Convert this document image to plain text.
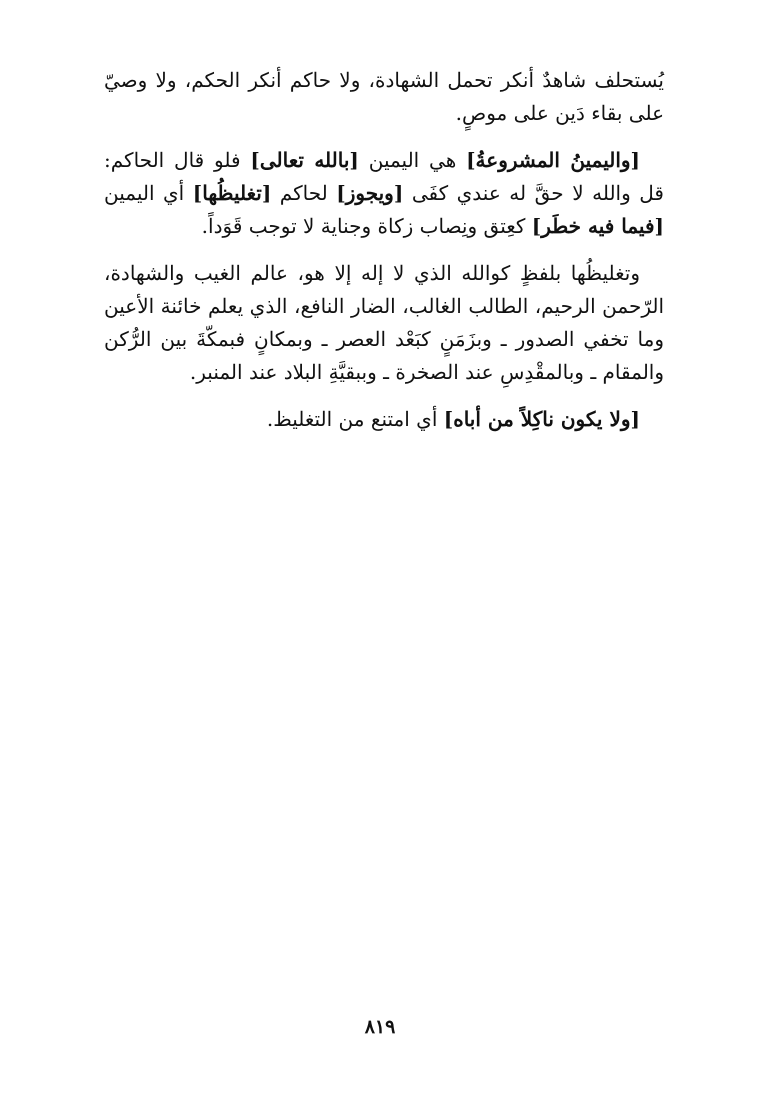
يُستحلف شاهدٌ أنكر تحمل الشهادة، ولا حاكم أنكر الحكم، ولا وصيّ على بقاء دَين على موصٍ.

[واليمينُ المشروعةُ] هي اليمين [بالله تعالى] فلو قال الحاكم: قل والله لا حقَّ له عندي كفَى [ويجوز] لحاكم [تغليظُها] أي اليمين [فيما فيه خطَر] كعِتق ونِصاب زكاة وجناية لا توجب قَوَداً.

وتغليظُها بلفظٍ كوالله الذي لا إله إلا هو، عالم الغيب والشهادة، الرّحمن الرحيم، الطالب الغالب، الضار النافع، الذي يعلم خائنة الأعين وما تخفي الصدور ـ وبزَمَنٍ كبَعْد العصر ـ وبمكانٍ فبمكّةَ بين الرُّكن والمقام ـ وبالمقْدِسِ عند الصخرة ـ وببقيَّةِ البلاد عند المنبر.

[ولا يكون ناكِلاً من أباه] أي امتنع من التغليظ.

٨١٩
